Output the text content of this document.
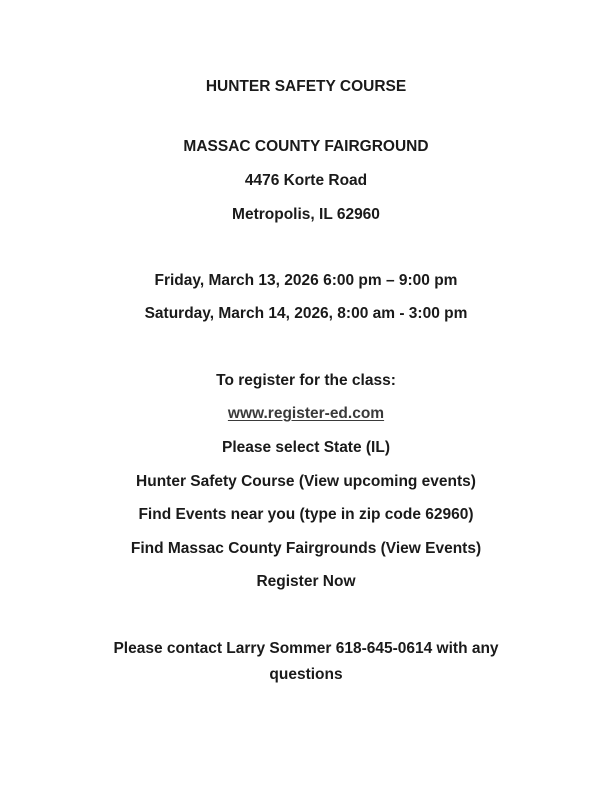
HUNTER SAFETY COURSE
MASSAC COUNTY FAIRGROUND
4476 Korte Road
Metropolis, IL 62960
Friday, March 13, 2026 6:00 pm – 9:00 pm
Saturday, March 14, 2026, 8:00 am - 3:00 pm
To register for the class:
www.register-ed.com
Please select State (IL)
Hunter Safety Course (View upcoming events)
Find Events near you (type in zip code 62960)
Find Massac County Fairgrounds (View Events)
Register Now
Please contact Larry Sommer 618-645-0614 with any questions
